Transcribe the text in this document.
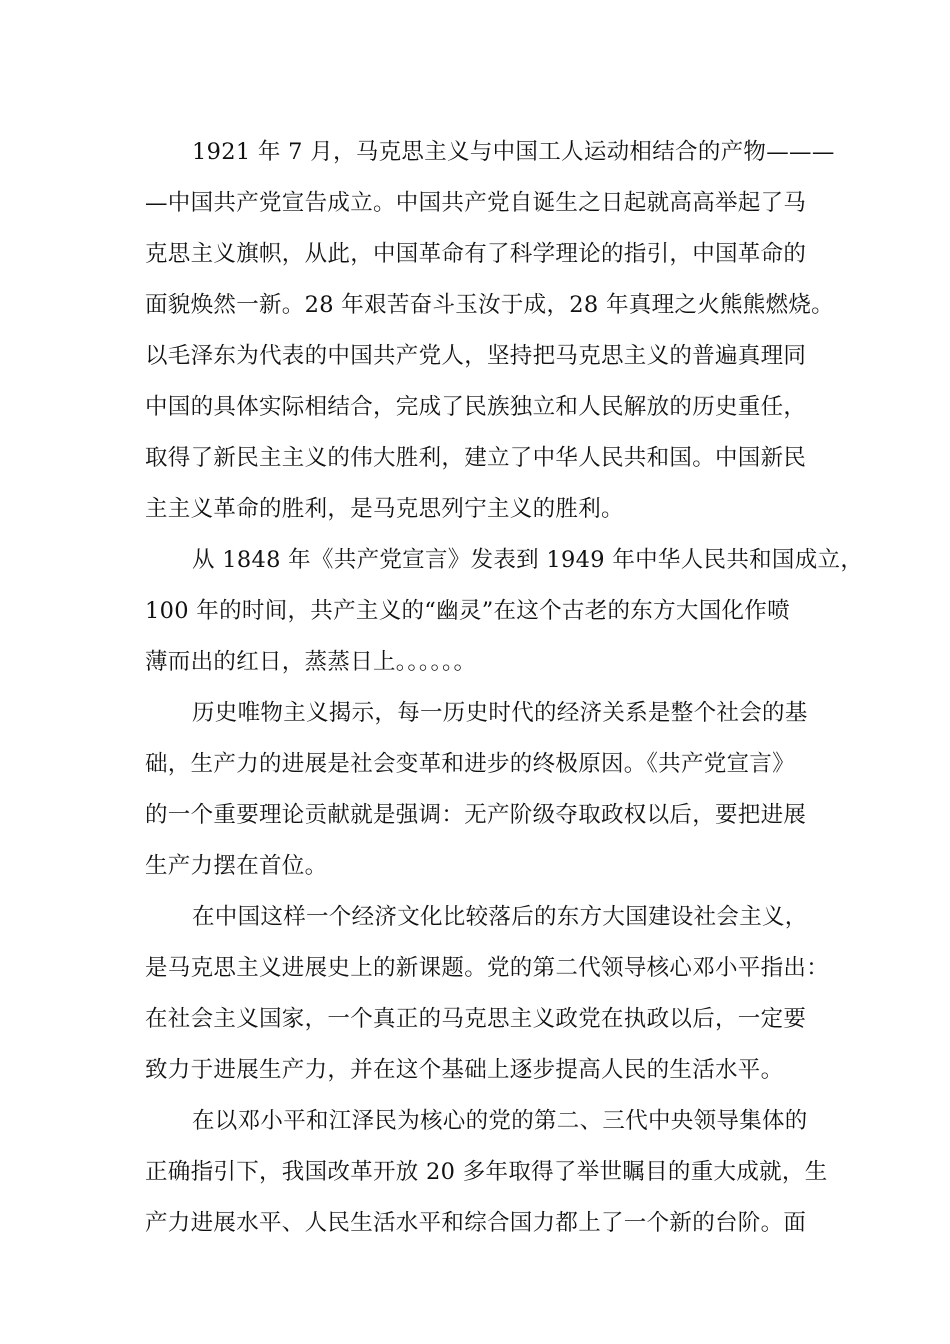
1921 年 7 月，马克思主义与中国工人运动相结合的产物———
—中国共产党宣告成立。中国共产党自诞生之日起就高高举起了马
克思主义旗帜，从此，中国革命有了科学理论的指引，中国革命的
面貌焕然一新。28 年艰苦奋斗玉汝于成，28 年真理之火熊熊燃烧。
以毛泽东为代表的中国共产党人，坚持把马克思主义的普遍真理同
中国的具体实际相结合，完成了民族独立和人民解放的历史重任，
取得了新民主主义的伟大胜利，建立了中华人民共和国。中国新民
主主义革命的胜利，是马克思列宁主义的胜利。
从 1848 年《共产党宣言》发表到 1949 年中华人民共和国成立，
100 年的时间，共产主义的“幽灵”在这个古老的东方大国化作喷
薄而出的红日，蒸蒸日上。。。。。。
历史唯物主义揭示，每一历史时代的经济关系是整个社会的基
础，生产力的进展是社会变革和进步的终极原因。《共产党宣言》
的一个重要理论贡献就是强调：无产阶级夺取政权以后，要把进展
生产力摆在首位。
在中国这样一个经济文化比较落后的东方大国建设社会主义，
是马克思主义进展史上的新课题。党的第二代领导核心邓小平指出：
在社会主义国家，一个真正的马克思主义政党在执政以后，一定要
致力于进展生产力，并在这个基础上逐步提高人民的生活水平。
在以邓小平和江泽民为核心的党的第二、三代中央领导集体的
正确指引下，我国改革开放 20 多年取得了举世瞩目的重大成就，生
产力进展水平、人民生活水平和综合国力都上了一个新的台阶。面
